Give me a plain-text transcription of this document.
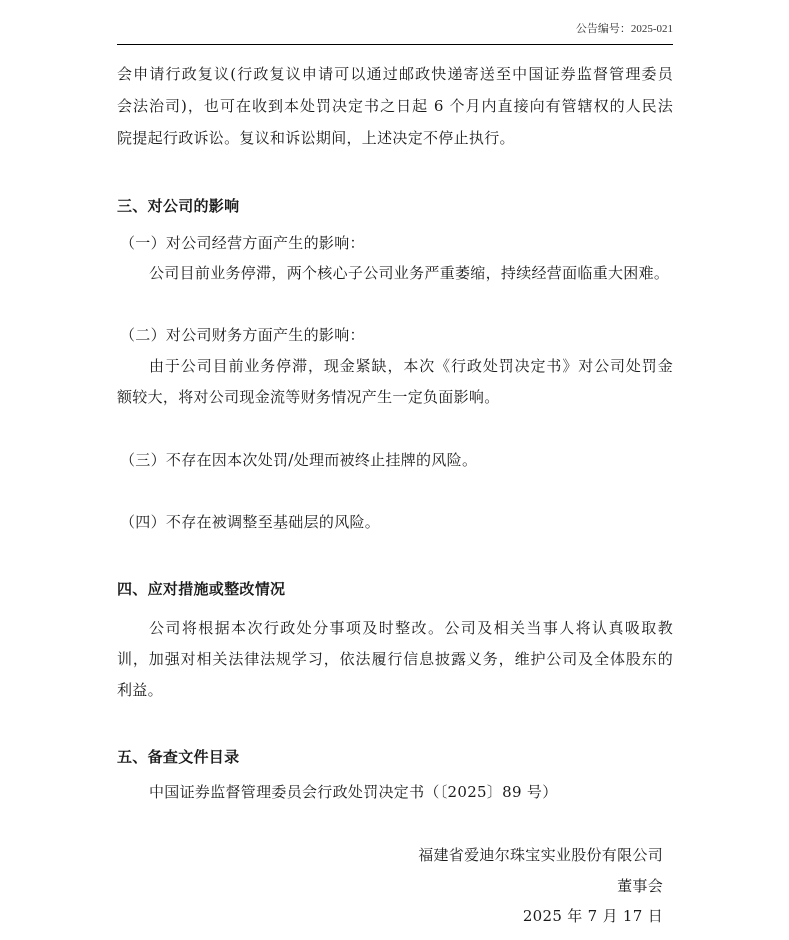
公告编号：2025-021
会申请行政复议(行政复议申请可以通过邮政快递寄送至中国证券监督管理委员
会法治司)，也可在收到本处罚决定书之日起 6 个月内直接向有管辖权的人民法
院提起行政诉讼。复议和诉讼期间，上述决定不停止执行。
三、对公司的影响
（一）对公司经营方面产生的影响：
公司目前业务停滞，两个核心子公司业务严重萎缩，持续经营面临重大困难。
（二）对公司财务方面产生的影响：
由于公司目前业务停滞，现金紧缺，本次《行政处罚决定书》对公司处罚金
额较大，将对公司现金流等财务情况产生一定负面影响。
（三）不存在因本次处罚/处理而被终止挂牌的风险。
（四）不存在被调整至基础层的风险。
四、应对措施或整改情况
公司将根据本次行政处分事项及时整改。公司及相关当事人将认真吸取教
训，加强对相关法律法规学习，依法履行信息披露义务，维护公司及全体股东的
利益。
五、备查文件目录
中国证券监督管理委员会行政处罚决定书（〔2025〕89 号）
福建省爱迪尔珠宝实业股份有限公司
董事会
2025 年 7 月 17 日
